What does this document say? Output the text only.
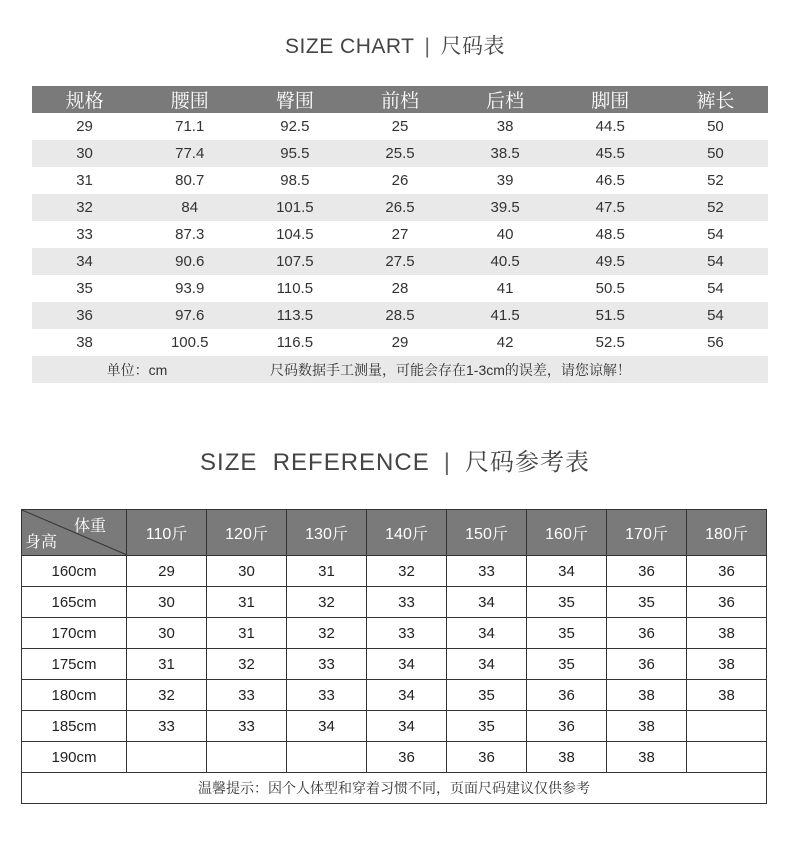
SIZE CHART | 尺码表
规格	腰围	臀围	前档	后档	脚围	裤长
29	71.1	92.5	25	38	44.5	50
30	77.4	95.5	25.5	38.5	45.5	50
31	80.7	98.5	26	39	46.5	52
32	84	101.5	26.5	39.5	47.5	52
33	87.3	104.5	27	40	48.5	54
34	90.6	107.5	27.5	40.5	49.5	54
35	93.9	110.5	28	41	50.5	54
36	97.6	113.5	28.5	41.5	51.5	54
38	100.5	116.5	29	42	52.5	56
单位：cm	尺码数据手工测量，可能会存在1-3cm的误差，请您谅解！
SIZE  REFERENCE | 尺码参考表
体重
身高	110斤	120斤	130斤	140斤	150斤	160斤	170斤	180斤
160cm	29	30	31	32	33	34	36	36
165cm	30	31	32	33	34	35	35	36
170cm	30	31	32	33	34	35	36	38
175cm	31	32	33	34	34	35	36	38
180cm	32	33	33	34	35	36	38	38
185cm	33	33	34	34	35	36	38	
190cm				36	36	38	38	
温馨提示：因个人体型和穿着习惯不同，页面尺码建议仅供参考								
